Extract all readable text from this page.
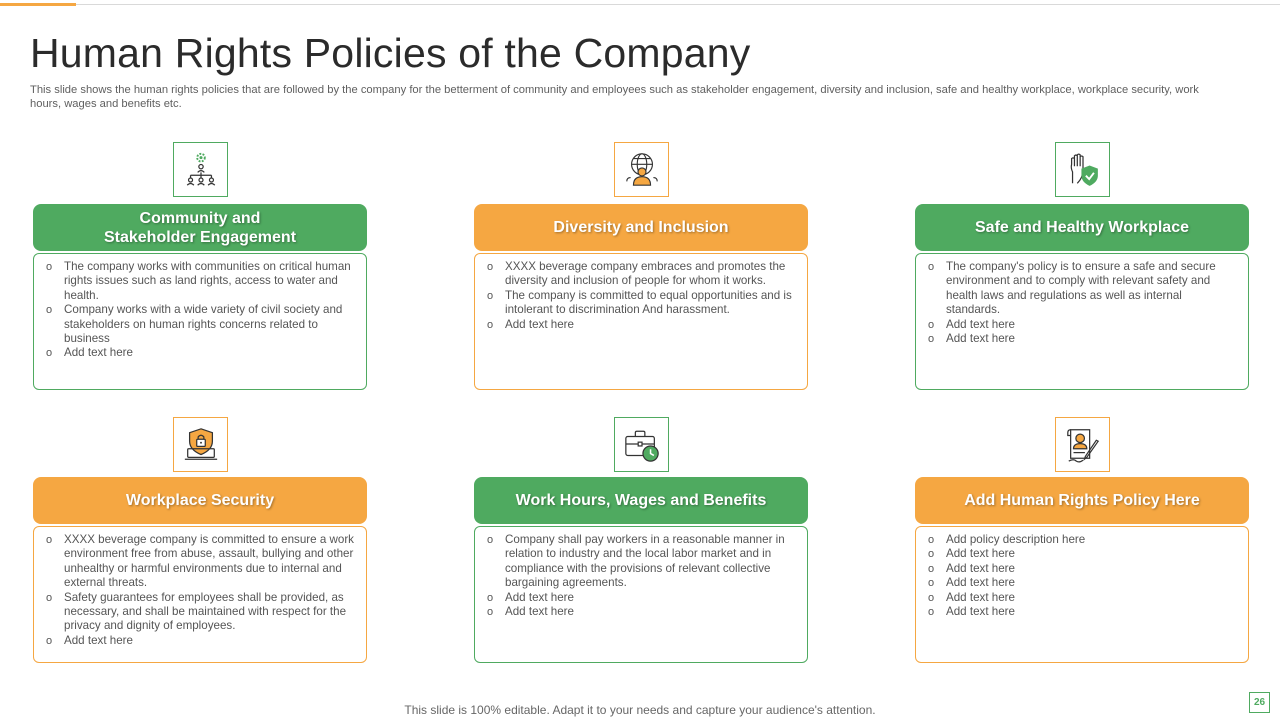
Human Rights Policies of the Company

This slide shows the human rights policies that are followed by the company for the betterment of community and employees such as stakeholder engagement, diversity and inclusion, safe and healthy workplace, workplace security, work hours, wages and benefits etc.

Community and
Stakeholder Engagement
o The company works with communities on critical human rights issues such as land rights, access to water and health.
o Company works with a wide variety of civil society and stakeholders on human rights concerns related to business
o Add text here
Diversity and Inclusion
o XXXX beverage company embraces and promotes the diversity and inclusion of people for whom it works.
o The company is committed to equal opportunities and is intolerant to discrimination And harassment.
o Add text here
Safe and Healthy Workplace
o The company's policy is to ensure a safe and secure environment and to comply with relevant safety and health laws and regulations as well as internal standards.
o Add text here
o Add text here
Workplace Security
o XXXX beverage company is committed to ensure a work environment free from abuse, assault, bullying and other unhealthy or harmful environments due to internal and external threats.
o Safety guarantees for employees shall be provided, as necessary, and shall be maintained with respect for the privacy and dignity of employees.
o Add text here
Work Hours, Wages and Benefits
o Company shall pay workers in a reasonable manner in relation to industry and the local labor market and in compliance with the provisions of relevant collective bargaining agreements.
o Add text here
o Add text here
Add Human Rights Policy Here
o Add policy description here
o Add text here
o Add text here
o Add text here
o Add text here
o Add text here
This slide is 100% editable. Adapt it to your needs and capture your audience's attention.
26
